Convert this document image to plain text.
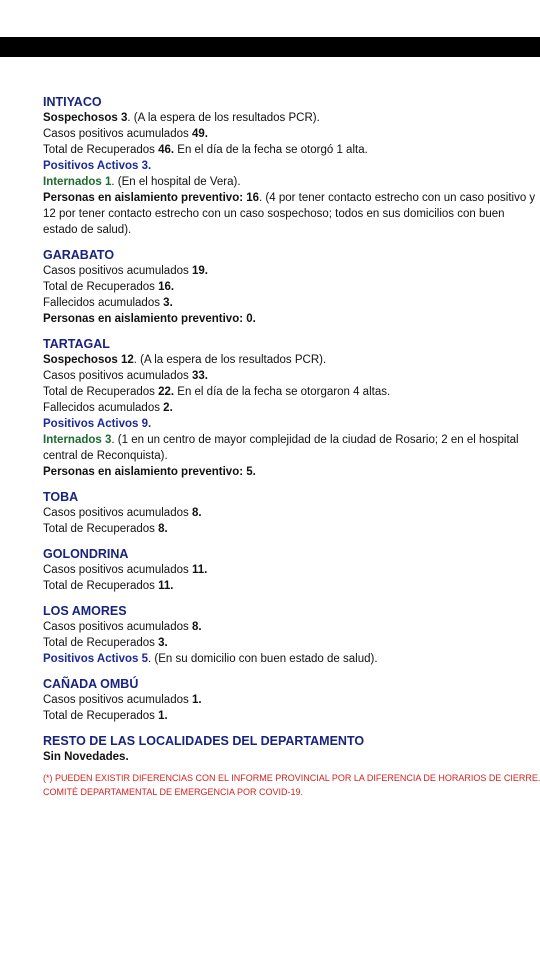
INTIYACO
Sospechosos 3. (A la espera de los resultados PCR).
Casos positivos acumulados 49.
Total de Recuperados 46. En el día de la fecha se otorgó 1 alta.
Positivos Activos 3.
Internados 1. (En el hospital de Vera).
Personas en aislamiento preventivo: 16. (4 por tener contacto estrecho con un caso positivo y
12 por tener contacto estrecho con un caso sospechoso; todos en sus domicilios con buen
estado de salud).
GARABATO
Casos positivos acumulados 19.
Total de Recuperados 16.
Fallecidos acumulados 3.
Personas en aislamiento preventivo: 0.
TARTAGAL
Sospechosos 12. (A la espera de los resultados PCR).
Casos positivos acumulados 33.
Total de Recuperados 22. En el día de la fecha se otorgaron 4 altas.
Fallecidos acumulados 2.
Positivos Activos 9.
Internados 3. (1 en un centro de mayor complejidad de la ciudad de Rosario; 2 en el hospital
central de Reconquista).
Personas en aislamiento preventivo: 5.
TOBA
Casos positivos acumulados 8.
Total de Recuperados 8.
GOLONDRINA
Casos positivos acumulados 11.
Total de Recuperados 11.
LOS AMORES
Casos positivos acumulados 8.
Total de Recuperados 3.
Positivos Activos 5. (En su domicilio con buen estado de salud).
CAÑADA OMBÚ
Casos positivos acumulados 1.
Total de Recuperados 1.
RESTO DE LAS LOCALIDADES DEL DEPARTAMENTO
Sin Novedades.
(*) PUEDEN EXISTIR DIFERENCIAS CON EL INFORME PROVINCIAL POR LA DIFERENCIA DE HORARIOS DE CIERRE.
COMITÉ DEPARTAMENTAL DE EMERGENCIA POR COVID-19.
